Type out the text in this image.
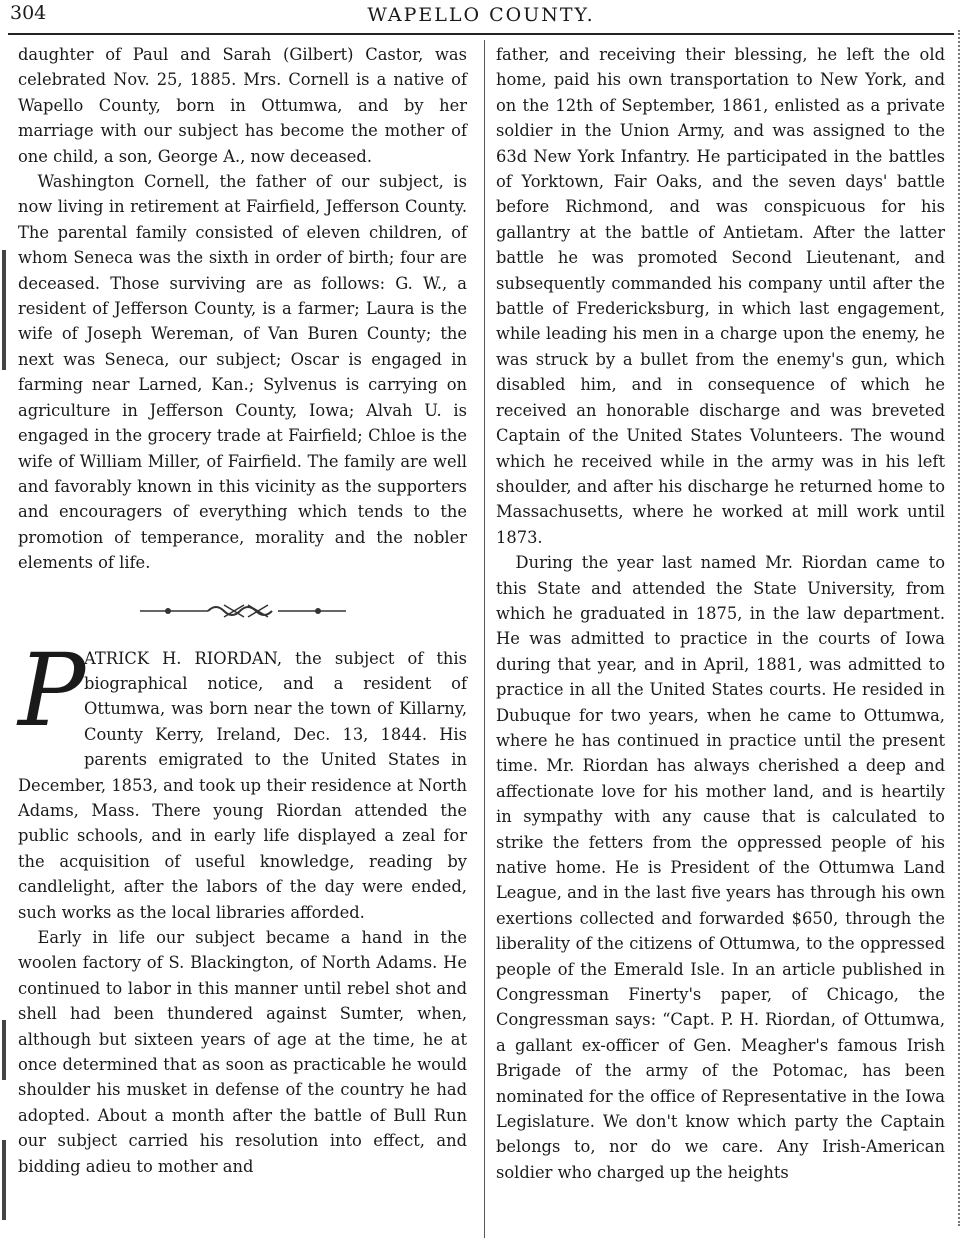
304	WAPELLO COUNTY.

daughter of Paul and Sarah (Gilbert) Castor, was celebrated Nov. 25, 1885. Mrs. Cornell is a native of Wapello County, born in Ottumwa, and by her marriage with our subject has become the mother of one child, a son, George A., now deceased.

Washington Cornell, the father of our subject, is now living in retirement at Fairfield, Jefferson County. The parental family consisted of eleven children, of whom Seneca was the sixth in order of birth; four are deceased. Those surviving are as follows: G. W., a resident of Jefferson County, is a farmer; Laura is the wife of Joseph Wereman, of Van Buren County; the next was Seneca, our subject; Oscar is engaged in farming near Larned, Kan.; Sylvenus is carrying on agriculture in Jefferson County, Iowa; Alvah U. is engaged in the grocery trade at Fairfield; Chloe is the wife of William Miller, of Fairfield. The family are well and favorably known in this vicinity as the supporters and encouragers of everything which tends to the promotion of temperance, morality and the nobler elements of life.

P

ATRICK H. RIORDAN, the subject of this biographical notice, and a resident of Ottumwa, was born near the town of Killarny, County Kerry, Ireland, Dec. 13, 1844. His parents emigrated to the United States in December, 1853, and took up their residence at North Adams, Mass. There young Riordan attended the public schools, and in early life displayed a zeal for the acquisition of useful knowledge, reading by candlelight, after the labors of the day were ended, such works as the local libraries afforded.

Early in life our subject became a hand in the woolen factory of S. Blackington, of North Adams. He continued to labor in this manner until rebel shot and shell had been thundered against Sumter, when, although but sixteen years of age at the time, he at once determined that as soon as practicable he would shoulder his musket in defense of the country he had adopted. About a month after the battle of Bull Run our subject carried his resolution into effect, and bidding adieu to mother and

father, and receiving their blessing, he left the old home, paid his own transportation to New York, and on the 12th of September, 1861, enlisted as a private soldier in the Union Army, and was assigned to the 63d New York Infantry. He participated in the battles of Yorktown, Fair Oaks, and the seven days' battle before Richmond, and was conspicuous for his gallantry at the battle of Antietam. After the latter battle he was promoted Second Lieutenant, and subsequently commanded his company until after the battle of Fredericksburg, in which last engagement, while leading his men in a charge upon the enemy, he was struck by a bullet from the enemy's gun, which disabled him, and in consequence of which he received an honorable discharge and was breveted Captain of the United States Volunteers. The wound which he received while in the army was in his left shoulder, and after his discharge he returned home to Massachusetts, where he worked at mill work until 1873.

During the year last named Mr. Riordan came to this State and attended the State University, from which he graduated in 1875, in the law department. He was admitted to practice in the courts of Iowa during that year, and in April, 1881, was admitted to practice in all the United States courts. He resided in Dubuque for two years, when he came to Ottumwa, where he has continued in practice until the present time. Mr. Riordan has always cherished a deep and affectionate love for his mother land, and is heartily in sympathy with any cause that is calculated to strike the fetters from the oppressed people of his native home. He is President of the Ottumwa Land League, and in the last five years has through his own exertions collected and forwarded $650, through the liberality of the citizens of Ottumwa, to the oppressed people of the Emerald Isle. In an article published in Congressman Finerty's paper, of Chicago, the Congressman says: “Capt. P. H. Riordan, of Ottumwa, a gallant ex-officer of Gen. Meagher's famous Irish Brigade of the army of the Potomac, has been nominated for the office of Representative in the Iowa Legislature. We don't know which party the Captain belongs to, nor do we care. Any Irish-American soldier who charged up the heights
